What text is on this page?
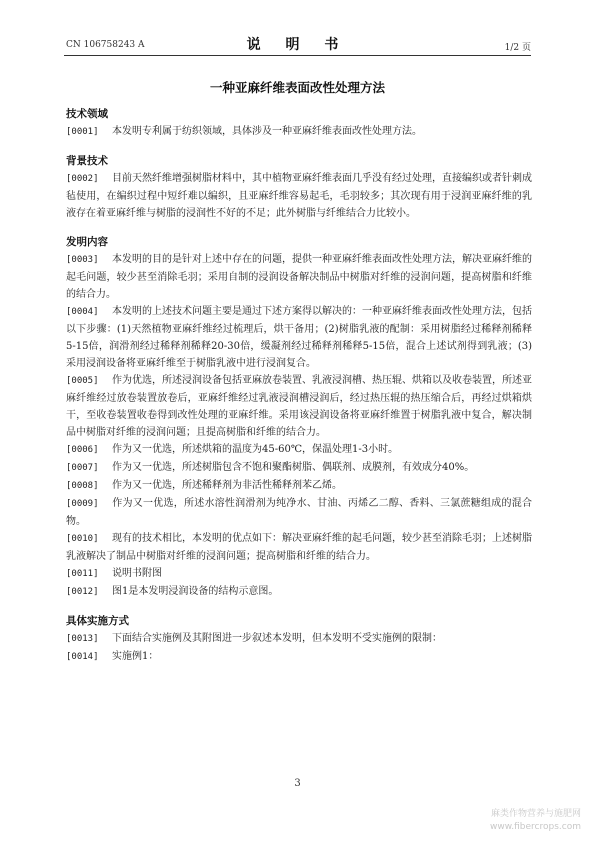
CN 106758243 A	说 明 书	1/2 页
一种亚麻纤维表面改性处理方法
技术领域

[0001] 本发明专利属于纺织领域，具体涉及一种亚麻纤维表面改性处理方法。

背景技术

[0002] 目前天然纤维增强树脂材料中，其中植物亚麻纤维表面几乎没有经过处理，直接编织或者针刺成毡使用，在编织过程中短纤难以编织，且亚麻纤维容易起毛，毛羽较多；其次现有用于浸润亚麻纤维的乳液存在着亚麻纤维与树脂的浸润性不好的不足；此外树脂与纤维结合力比较小。

发明内容

[0003] 本发明的目的是针对上述中存在的问题，提供一种亚麻纤维表面改性处理方法，解决亚麻纤维的起毛问题，较少甚至消除毛羽；采用自制的浸润设备解决制品中树脂对纤维的浸润问题，提高树脂和纤维的结合力。

[0004] 本发明的上述技术问题主要是通过下述方案得以解决的：一种亚麻纤维表面改性处理方法，包括以下步骤：(1)天然植物亚麻纤维经过梳理后，烘干备用；(2)树脂乳液的配制：采用树脂经过稀释剂稀释5-15倍，润滑剂经过稀释剂稀释20-30倍，缓凝剂经过稀释剂稀释5-15倍，混合上述试剂得到乳液；(3)采用浸润设备将亚麻纤维至于树脂乳液中进行浸润复合。

[0005] 作为优选，所述浸润设备包括亚麻放卷装置、乳液浸润槽、热压辊、烘箱以及收卷装置，所述亚麻纤维经过放卷装置放卷后，亚麻纤维经过乳液浸润槽浸润后，经过热压辊的热压缩合后，再经过烘箱烘干，至收卷装置收卷得到改性处理的亚麻纤维。采用该浸润设备将亚麻纤维置于树脂乳液中复合，解决制品中树脂对纤维的浸润问题；且提高树脂和纤维的结合力。

[0006] 作为又一优选，所述烘箱的温度为45-60℃，保温处理1-3小时。

[0007] 作为又一优选，所述树脂包含不饱和聚酯树脂、偶联剂、成膜剂，有效成分40%。

[0008] 作为又一优选，所述稀释剂为非活性稀释剂苯乙烯。

[0009] 作为又一优选，所述水溶性润滑剂为纯净水、甘油、丙烯乙二醇、香料、三氯蔗糖组成的混合物。

[0010] 现有的技术相比，本发明的优点如下：解决亚麻纤维的起毛问题，较少甚至消除毛羽；上述树脂乳液解决了制品中树脂对纤维的浸润问题；提高树脂和纤维的结合力。

[0011] 说明书附图

[0012] 图1是本发明浸润设备的结构示意图。

具体实施方式

[0013] 下面结合实施例及其附图进一步叙述本发明，但本发明不受实施例的限制：

[0014] 实施例1：

3
麻类作物营养与施肥网
www.fibercrops.com
